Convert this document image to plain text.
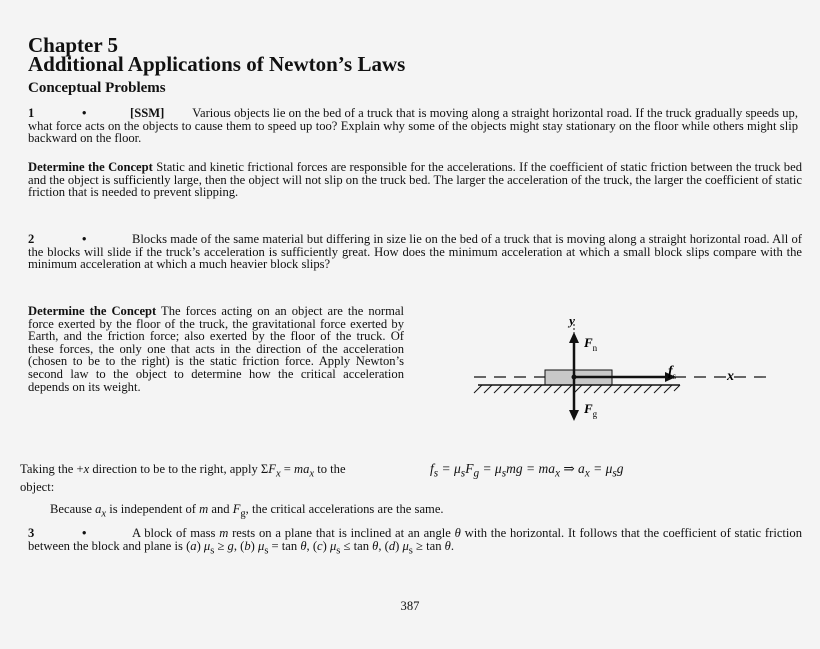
Chapter 5
Additional Applications of Newton’s Laws
Conceptual Problems
1	•	[SSM] Various objects lie on the bed of a truck that is moving along a straight horizontal road. If the truck gradually speeds up, what force acts on the objects to cause them to speed up too? Explain why some of the objects might stay stationary on the floor while others might slip backward on the floor.
Determine the Concept Static and kinetic frictional forces are responsible for the accelerations. If the coefficient of static friction between the truck bed and the object is sufficiently large, then the object will not slip on the truck bed. The larger the acceleration of the truck, the larger the coefficient of static friction that is needed to prevent slipping.
2	•	Blocks made of the same material but differing in size lie on the bed of a truck that is moving along a straight horizontal road. All of the blocks will slide if the truck’s acceleration is sufficiently great. How does the minimum acceleration at which a small block slips compare with the minimum acceleration at which a much heavier block slips?
Determine the Concept The forces acting on an object are the normal force exerted by the floor of the truck, the gravitational force exerted by Earth, and the friction force; also exerted by the floor of the truck. Of these forces, the only one that acts in the direction of the acceleration (chosen to be to the right) is the static friction force. Apply Newton’s second law to the object to determine how the critical acceleration depends on its weight.
y
$F_n$
$f_s$	x
$F_g$
Taking the +x direction to be to the right, apply $\Sigma F_x = ma_x$ to the object:
$f_s = \mu_sF_g = \mu_smg = ma_x$ ⇒ $a_x = \mu_sg$
Because $a_x$ is independent of m and $F_g$, the critical accelerations are the same.
3	•	A block of mass m rests on a plane that is inclined at an angle θ with the horizontal. It follows that the coefficient of static friction between the block and plane is (a) $\mu_s \ge g$, (b) $\mu_s = \tan \theta$, (c) $\mu_s \le \tan \theta$, (d) $\mu_s \ge \tan \theta$.
387
